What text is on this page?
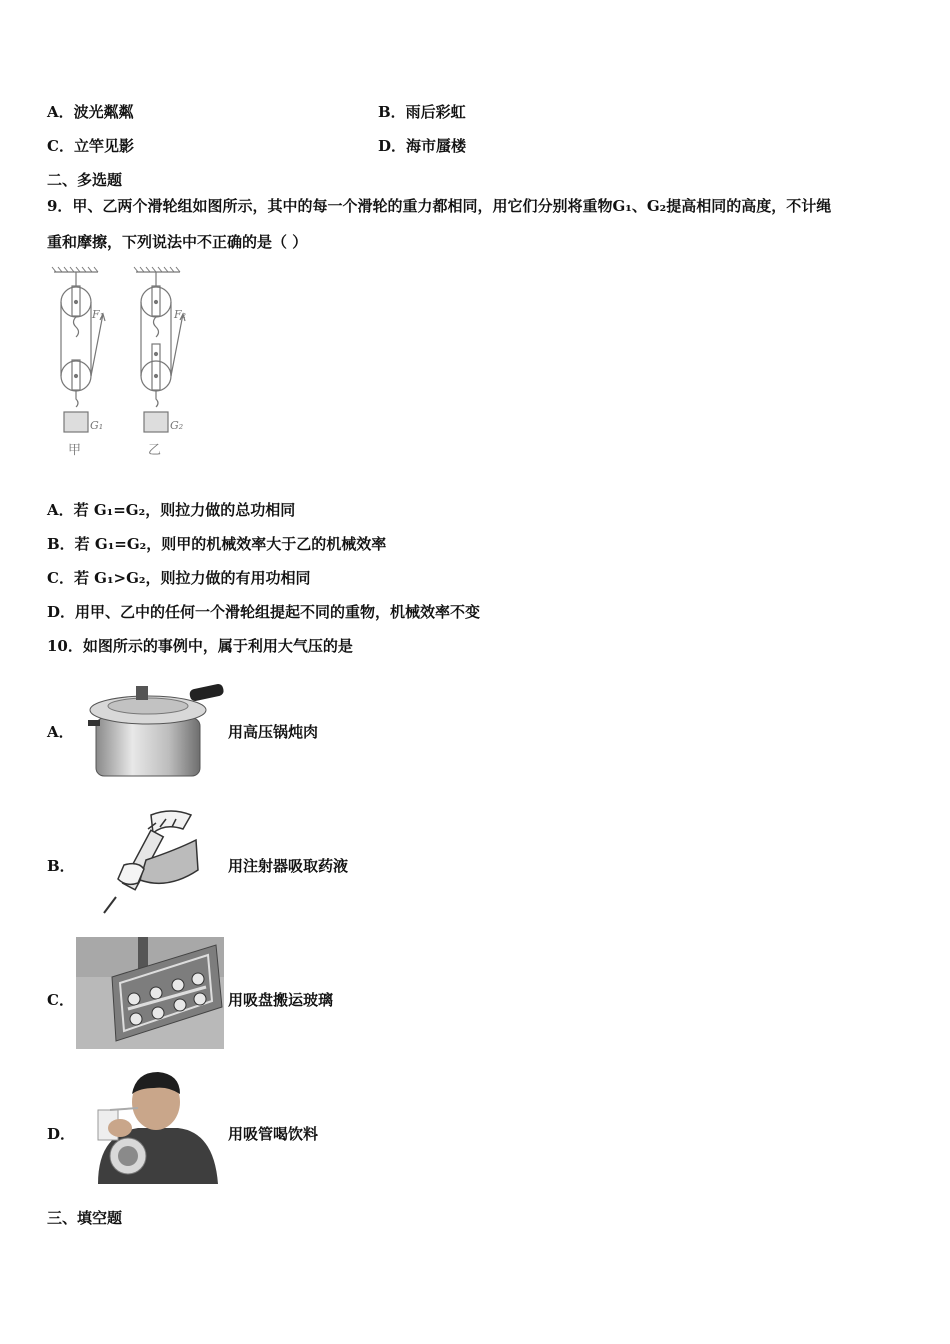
A．波光粼粼	B．雨后彩虹
C．立竿见影	D．海市蜃楼
二、多选题
9．甲、乙两个滑轮组如图所示，其中的每一个滑轮的重力都相同，用它们分别将重物G₁、G₂提高相同的高度，不计绳
重和摩擦，下列说法中不正确的是（ ）
F₁	F₂
G₁	G₂
甲	乙
A．若 G₁=G₂，则拉力做的总功相同
B．若 G₁=G₂，则甲的机械效率大于乙的机械效率
C．若 G₁>G₂，则拉力做的有用功相同
D．用甲、乙中的任何一个滑轮组提起不同的重物，机械效率不变
10．如图所示的事例中，属于利用大气压的是
A．	用高压锅炖肉
B．	用注射器吸取药液
C．	用吸盘搬运玻璃
D．	用吸管喝饮料
三、填空题
